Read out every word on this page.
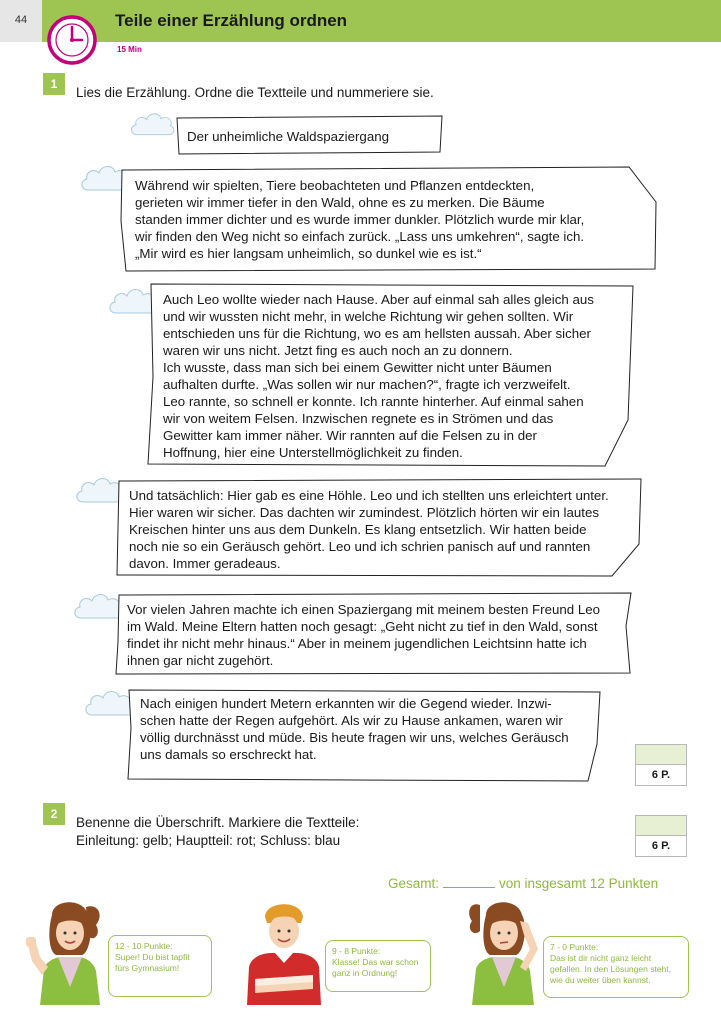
44	Teile einer Erzählung ordnen
15 Min
1
Lies die Erzählung. Ordne die Textteile und nummeriere sie.
Der unheimliche Waldspaziergang
Während wir spielten, Tiere beobachteten und Pflanzen entdeckten,
gerieten wir immer tiefer in den Wald, ohne es zu merken. Die Bäume
standen immer dichter und es wurde immer dunkler. Plötzlich wurde mir klar,
wir finden den Weg nicht so einfach zurück. „Lass uns umkehren“, sagte ich.
„Mir wird es hier langsam unheimlich, so dunkel wie es ist.“
Auch Leo wollte wieder nach Hause. Aber auf einmal sah alles gleich aus
und wir wussten nicht mehr, in welche Richtung wir gehen sollten. Wir
entschieden uns für die Richtung, wo es am hellsten aussah. Aber sicher
waren wir uns nicht. Jetzt fing es auch noch an zu donnern.
Ich wusste, dass man sich bei einem Gewitter nicht unter Bäumen
aufhalten durfte. „Was sollen wir nur machen?“, fragte ich verzweifelt.
Leo rannte, so schnell er konnte. Ich rannte hinterher. Auf einmal sahen
wir von weitem Felsen. Inzwischen regnete es in Strömen und das
Gewitter kam immer näher. Wir rannten auf die Felsen zu in der
Hoffnung, hier eine Unterstellmöglichkeit zu finden.
Und tatsächlich: Hier gab es eine Höhle. Leo und ich stellten uns erleichtert unter.
Hier waren wir sicher. Das dachten wir zumindest. Plötzlich hörten wir ein lautes
Kreischen hinter uns aus dem Dunkeln. Es klang entsetzlich. Wir hatten beide
noch nie so ein Geräusch gehört. Leo und ich schrien panisch auf und rannten
davon. Immer geradeaus.
Vor vielen Jahren machte ich einen Spaziergang mit meinem besten Freund Leo
im Wald. Meine Eltern hatten noch gesagt: „Geht nicht zu tief in den Wald, sonst
findet ihr nicht mehr hinaus.“ Aber in meinem jugendlichen Leichtsinn hatte ich
ihnen gar nicht zugehört.
Nach einigen hundert Metern erkannten wir die Gegend wieder. Inzwi-
schen hatte der Regen aufgehört. Als wir zu Hause ankamen, waren wir
völlig durchnässt und müde. Bis heute fragen wir uns, welches Geräusch
uns damals so erschreckt hat.
6 P.
2
Benenne die Überschrift. Markiere die Textteile:
Einleitung: gelb; Hauptteil: rot; Schluss: blau	6 P.
Gesamt:	von insgesamt 12 Punkten
12 - 10 Punkte:
Super! Du bist tapfit
fürs Gymnasium!
9 - 8 Punkte:
Klasse! Das war schon
ganz in Ordnung!
7 - 0 Punkte:
Das ist dir nicht ganz leicht
gefallen. In den Lösungen steht,
wie du weiter üben kannst.
